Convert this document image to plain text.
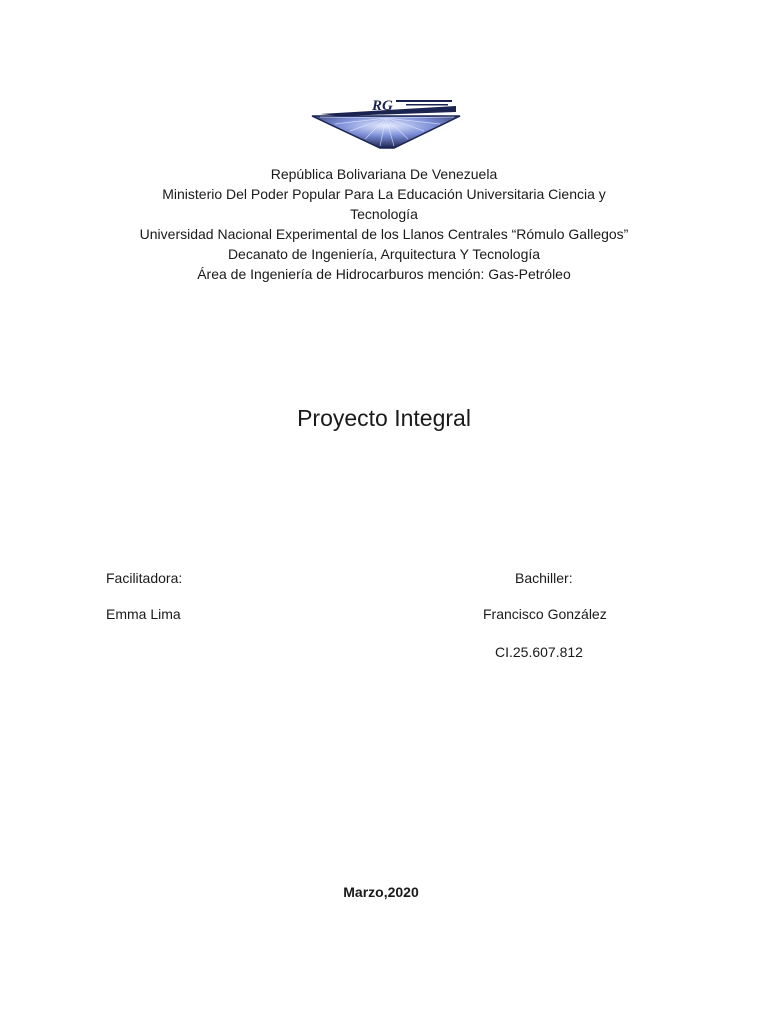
RG
República Bolivariana De Venezuela
Ministerio Del Poder Popular Para La Educación Universitaria Ciencia y
Tecnología
Universidad Nacional Experimental de los Llanos Centrales “Rómulo Gallegos”
Decanato de Ingeniería, Arquitectura Y Tecnología
Área de Ingeniería de Hidrocarburos mención: Gas-Petróleo
Proyecto Integral
Facilitadora:
Emma Lima
Bachiller:
Francisco González
CI.25.607.812
Marzo,2020
